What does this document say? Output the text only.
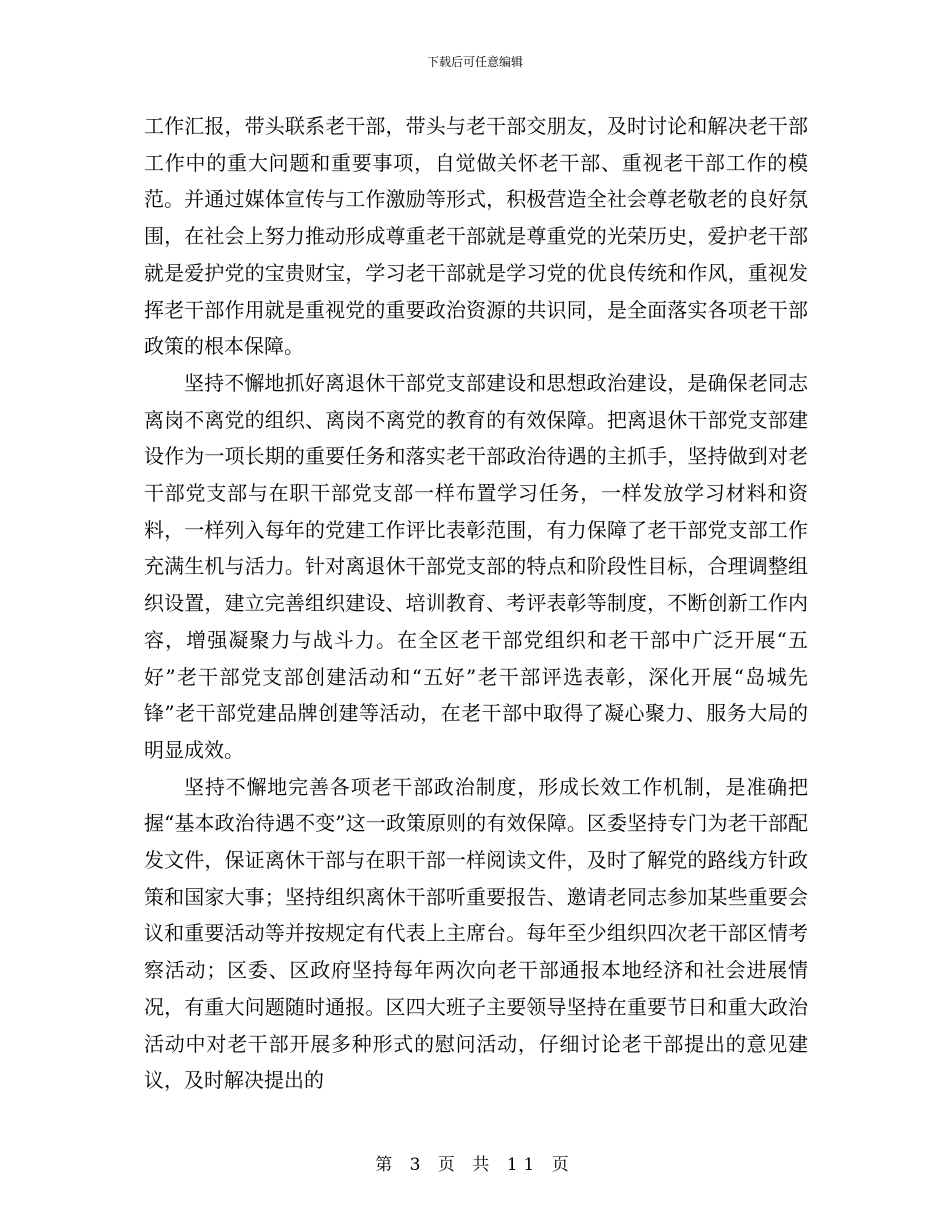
下载后可任意编辑

工作汇报，带头联系老干部，带头与老干部交朋友，及时讨论和解决老干部工作中的重大问题和重要事项，自觉做关怀老干部、重视老干部工作的模范。并通过媒体宣传与工作激励等形式，积极营造全社会尊老敬老的良好氛围，在社会上努力推动形成尊重老干部就是尊重党的光荣历史，爱护老干部就是爱护党的宝贵财宝，学习老干部就是学习党的优良传统和作风，重视发挥老干部作用就是重视党的重要政治资源的共识同，是全面落实各项老干部政策的根本保障。

坚持不懈地抓好离退休干部党支部建设和思想政治建设，是确保老同志离岗不离党的组织、离岗不离党的教育的有效保障。把离退休干部党支部建设作为一项长期的重要任务和落实老干部政治待遇的主抓手，坚持做到对老干部党支部与在职干部党支部一样布置学习任务，一样发放学习材料和资料，一样列入每年的党建工作评比表彰范围，有力保障了老干部党支部工作充满生机与活力。针对离退休干部党支部的特点和阶段性目标，合理调整组织设置，建立完善组织建设、培训教育、考评表彰等制度，不断创新工作内容，增强凝聚力与战斗力。在全区老干部党组织和老干部中广泛开展“五好”老干部党支部创建活动和“五好”老干部评选表彰，深化开展“岛城先锋”老干部党建品牌创建等活动，在老干部中取得了凝心聚力、服务大局的明显成效。

坚持不懈地完善各项老干部政治制度，形成长效工作机制，是准确把握“基本政治待遇不变”这一政策原则的有效保障。区委坚持专门为老干部配发文件，保证离休干部与在职干部一样阅读文件，及时了解党的路线方针政策和国家大事；坚持组织离休干部听重要报告、邀请老同志参加某些重要会议和重要活动等并按规定有代表上主席台。每年至少组织四次老干部区情考察活动；区委、区政府坚持每年两次向老干部通报本地经济和社会进展情况，有重大问题随时通报。区四大班子主要领导坚持在重要节日和重大政治活动中对老干部开展多种形式的慰问活动，仔细讨论老干部提出的意见建议，及时解决提出的

第 3 页 共 11 页
